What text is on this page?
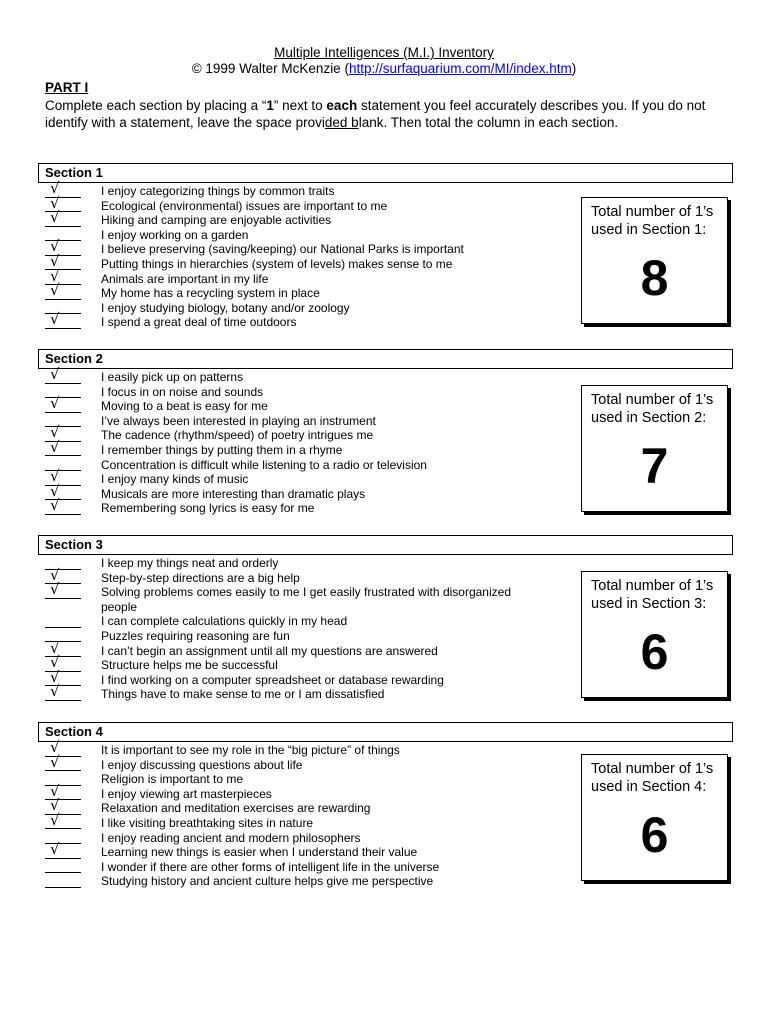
Multiple Intelligences (M.I.) Inventory
© 1999 Walter McKenzie (http://surfaquarium.com/MI/index.htm)
PART I
Complete each section by placing a “1” next to each statement you feel accurately describes you. If you do not identify with a statement, leave the space provided blank. Then total the column in each section.
Section 1
√	I enjoy categorizing things by common traits
√	Ecological (environmental) issues are important to me
√	Hiking and camping are enjoyable activities
I enjoy working on a garden
√	I believe preserving (saving/keeping) our National Parks is important
√	Putting things in hierarchies (system of levels) makes sense to me
√	Animals are important in my life
√	My home has a recycling system in place
I enjoy studying biology, botany and/or zoology
√	I spend a great deal of time outdoors
Total number of 1’s used in Section 1:
8
Section 2
√	I easily pick up on patterns
I focus in on noise and sounds
√	Moving to a beat is easy for me
I’ve always been interested in playing an instrument
√	The cadence (rhythm/speed) of poetry intrigues me
√	I remember things by putting them in a rhyme
Concentration is difficult while listening to a radio or television
√	I enjoy many kinds of music
√	Musicals are more interesting than dramatic plays
√	Remembering song lyrics is easy for me
Total number of 1’s used in Section 2:
7
Section 3
I keep my things neat and orderly
√	Step-by-step directions are a big help
√	Solving problems comes easily to me I get easily frustrated with disorganized people
I can complete calculations quickly in my head
Puzzles requiring reasoning are fun
√	I can’t begin an assignment until all my questions are answered
√	Structure helps me be successful
√	I find working on a computer spreadsheet or database rewarding
√	Things have to make sense to me or I am dissatisfied
Total number of 1’s used in Section 3:
6
Section 4
√	It is important to see my role in the “big picture” of things
√	I enjoy discussing questions about life
Religion is important to me
√	I enjoy viewing art masterpieces
√	Relaxation and meditation exercises are rewarding
√	I like visiting breathtaking sites in nature
I enjoy reading ancient and modern philosophers
√	Learning new things is easier when I understand their value
I wonder if there are other forms of intelligent life in the universe
Studying history and ancient culture helps give me perspective
Total number of 1’s used in Section 4:
6
